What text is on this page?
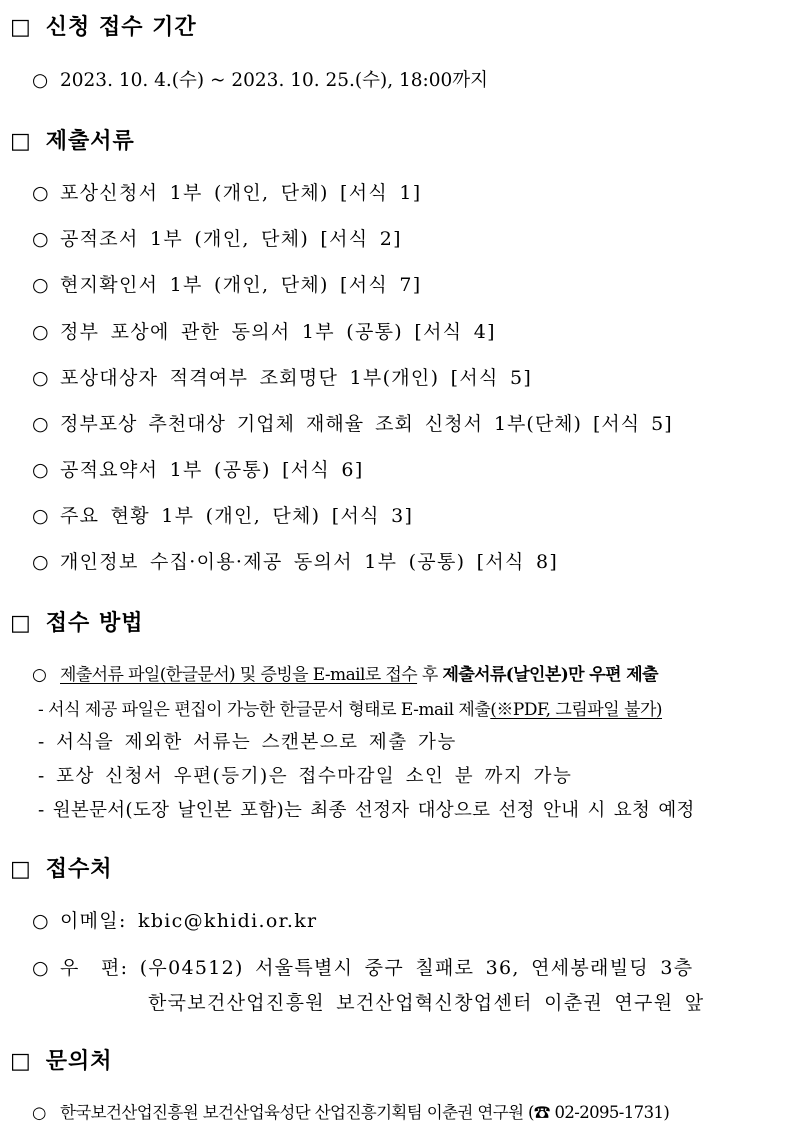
□ 신청 접수 기간
○ 2023. 10. 4.(수) ~ 2023. 10. 25.(수), 18:00까지
□ 제출서류
○ 포상신청서 1부 (개인, 단체) [서식 1]
○ 공적조서 1부 (개인, 단체) [서식 2]
○ 현지확인서 1부 (개인, 단체) [서식 7]
○ 정부 포상에 관한 동의서 1부 (공통) [서식 4]
○ 포상대상자 적격여부 조회명단 1부(개인) [서식 5]
○ 정부포상 추천대상 기업체 재해율 조회 신청서 1부(단체) [서식 5]
○ 공적요약서 1부 (공통) [서식 6]
○ 주요 현황 1부 (개인, 단체) [서식 3]
○ 개인정보 수집·이용·제공 동의서 1부 (공통) [서식 8]
□ 접수 방법
○ 제출서류 파일(한글문서) 및 증빙을 E-mail로 접수 후 제출서류(날인본)만 우편 제출
- 서식 제공 파일은 편집이 가능한 한글문서 형태로 E-mail 제출(※PDF, 그림파일 불가)
- 서식을 제외한 서류는 스캔본으로 제출 가능
- 포상 신청서 우편(등기)은 접수마감일 소인 분 까지 가능
- 원본문서(도장 날인본 포함)는 최종 선정자 대상으로 선정 안내 시 요청 예정
□ 접수처
○ 이메일: kbic@khidi.or.kr
○ 우 편: (우04512) 서울특별시 중구 칠패로 36, 연세봉래빌딩 3층
한국보건산업진흥원 보건산업혁신창업센터 이춘권 연구원 앞
□ 문의처
○ 한국보건산업진흥원 보건산업육성단 산업진흥기획팀 이춘권 연구원 (☎ 02-2095-1731)
